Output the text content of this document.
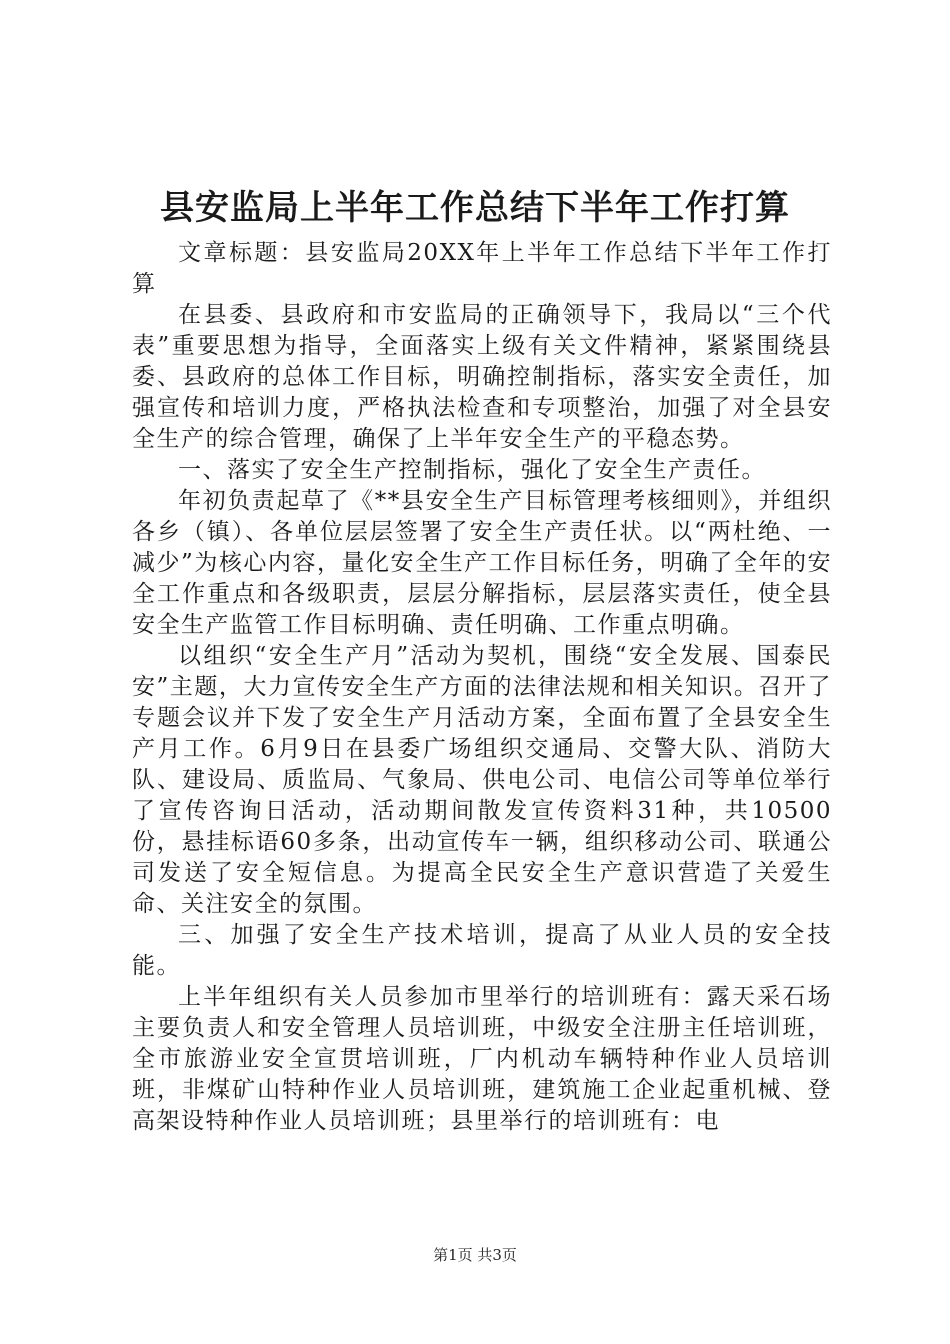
县安监局上半年工作总结下半年工作打算

文章标题：县安监局20XX年上半年工作总结下半年工作打算

在县委、县政府和市安监局的正确领导下，我局以“三个代表”重要思想为指导，全面落实上级有关文件精神，紧紧围绕县委、县政府的总体工作目标，明确控制指标，落实安全责任，加强宣传和培训力度，严格执法检查和专项整治，加强了对全县安全生产的综合管理，确保了上半年安全生产的平稳态势。

一、落实了安全生产控制指标，强化了安全生产责任。

年初负责起草了《**县安全生产目标管理考核细则》，并组织各乡（镇）、各单位层层签署了安全生产责任状。以“两杜绝、一减少”为核心内容，量化安全生产工作目标任务，明确了全年的安全工作重点和各级职责，层层分解指标，层层落实责任，使全县安全生产监管工作目标明确、责任明确、工作重点明确。

以组织“安全生产月”活动为契机，围绕“安全发展、国泰民安”主题，大力宣传安全生产方面的法律法规和相关知识。召开了专题会议并下发了安全生产月活动方案，全面布置了全县安全生产月工作。6月9日在县委广场组织交通局、交警大队、消防大队、建设局、质监局、气象局、供电公司、电信公司等单位举行了宣传咨询日活动，活动期间散发宣传资料31种，共10500份，悬挂标语60多条，出动宣传车一辆，组织移动公司、联通公司发送了安全短信息。为提高全民安全生产意识营造了关爱生命、关注安全的氛围。

三、加强了安全生产技术培训，提高了从业人员的安全技能。

上半年组织有关人员参加市里举行的培训班有：露天采石场主要负责人和安全管理人员培训班，中级安全注册主任培训班，全市旅游业安全宣贯培训班，厂内机动车辆特种作业人员培训班，非煤矿山特种作业人员培训班，建筑施工企业起重机械、登高架设特种作业人员培训班；县里举行的培训班有：电

第1页 共3页
